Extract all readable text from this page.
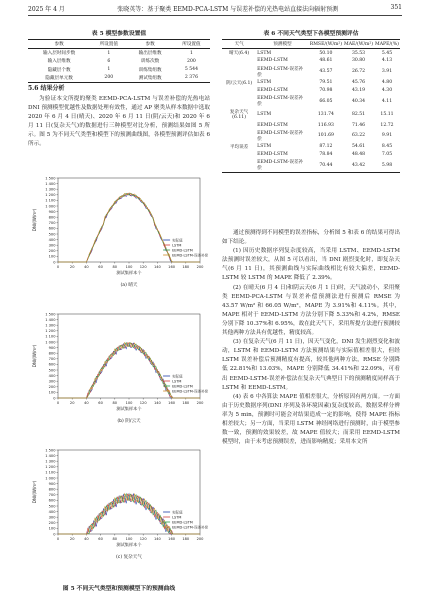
2025 年 4 月	张晓英等：基于聚类 EEMD-PCA-LSTM 与误差补偿的光热电站直接法向辐射预测	351
表 5 模型参数设置值
参数	所设置值	参数	所设置值
输入层时间步数	1	输出层维数	1
输入层维数	6	训练次数	200
隐藏层个数	1	训练集组数	5 544
隐藏层单元数	200	测试集组数	2 376
5.6 结果分析

为验证本文所提的聚类 EEMD-PCA-LSTM 与误差补偿的光热电站 DNI 预测模型优越性及数据处理有效性，通过 AP 聚类从样本数据中选取 2020 年 6 月 4 日(晴天)、2020 年 6 月 11 日(阴/云天)和 2020 年 6 月 11 日(复杂天气)的数据进行三种模型对比分析，预测结果如图 5 所示。图 5 为不同天气类型和模型下的预测曲线图，各模型预测评估如表 6 所示。

0
100
200
300
400
500
600
700
800
900
1 000
1 100
1 200
1 300
1 400
1 500
0	20	40	60	80 100 120 140 160 180 200
DNI/(W/m²)
测试集样本个
(a) 晴天
实际值
LSTM
EEMD-LSTM
EEMD-LSTM-误差补偿
0
100
200
300
400
500
600
700
800
900
1 000
1 100
1 200
1 300
1 400
1 500
0	20	40	60	80 100 120 140 160 180 200
DNI/(W/m²)
测试集样本个
(b) 阴/云天
实际值
LSTM
EEMD-LSTM
EEMD-LSTM-误差补偿
0
100
200
300
400
500
600
700
800
900
1 000
1 100
1 200
1 300
1 400
1 500
0	20	40	60	80 100 120 140 160 180 200
DNI/(W/m²)
测试集样本个
(c) 复杂天气
实际值
LSTM
EEMD-LSTM
EEMD-LSTM-误差补偿
图 5 不同天气类型和预测模型下的预测曲线
表 6 不同天气类型下各模型预测评估
天气	预测模型	RMSE/(W/m²)	MAE/(W/m²)	MAPE/(%)
晴天(6.4)	LSTM	50.10	35.53	5.45
	EEMD-LSTM	48.61	30.80	4.13
	EEMD-LSTM-误差补偿	43.57	26.72	3.91
阴/云天(6.1)	LSTM	79.51	45.76	4.80
	EEMD-LSTM	70.98	43.19	4.30
	EEMD-LSTM-误差补偿	66.05	40.34	4.11
复杂天气(6.11)	LSTM	131.74	82.51	15.11
	EEMD-LSTM	116.93	71.46	12.72
	EEMD-LSTM-误差补偿	101.69	63.22	9.91
平均误差	LSTM	87.12	54.61	8.45
	EEMD-LSTM	78.84	48.48	7.05
	EEMD-LSTM-误差补偿	70.44	43.42	5.98

通过预测得到不同模型的误差指标，分析图 5 和表 6 的结果可得出如下结论。

(1) 因历史数据序列复杂度较高，当采用 LSTM、EEMD-LSTM 法预测时误差较大，从图 5 可以看出，当 DNI 剧烈变化时，即复杂天气(6 月 11 日)，其预测曲线与实际曲线相比有较大偏差，EEMD-LSTM 较 LSTM 的 MAPE 降低了 2.39%。

(2) 在晴天(6 月 4 日)和阴云天(6 月 1 日)时，天气波动小，采用聚类 EEMD-PCA-LSTM 与误差补偿预测法进行预测后 RMSE 为 43.57 W/m² 和 66.05 W/m²，MAPE 为 3.91%和 4.11%。其中，MAPE 相对于 EEMD-LSTM 方法分别下降 5.33%和 4.2%，RMSE 分别下降 10.37%和 6.95%，故在此天气下，采用所提方法进行预测较其他两种方法具有优越性，精度较高。

(3) 在复杂天气(6 月 11 日)，因天气变化，DNI 发生剧烈变化和波动，LSTM 和 EEMD-LSTM 方法预测结果与实际值相差很大，但经 LSTM 误差补偿后预测精度有提高，较其他两种方法，RMSE 分别降低 22.81%和 13.03%，MAPE 分别降低 34.41%和 22.09%，可看出 EEMD-LSTM-误差补偿法在复杂天气典型日下的预测精度同样高于 LSTM 和 EEMD-LSTM。

(4) 表 6 中各算法 MAPE 值相差很大，分析原因有两方面。一方面由于历史数据序列(DNI 序列及各环境因素)复杂度较高，数据采样分辨率为 5 min，预测时可能会对结果造成一定的影响，使得 MAPE 指标相差较大；另一方面，当采用 LSTM 神经网络进行预测时，由于模型参数一致，预测的效果较差，故 MAPE 值较大；而采用 EEMD-LSTM 模型时，由于未考虑预测误差，进而影响精度；采用本文所
